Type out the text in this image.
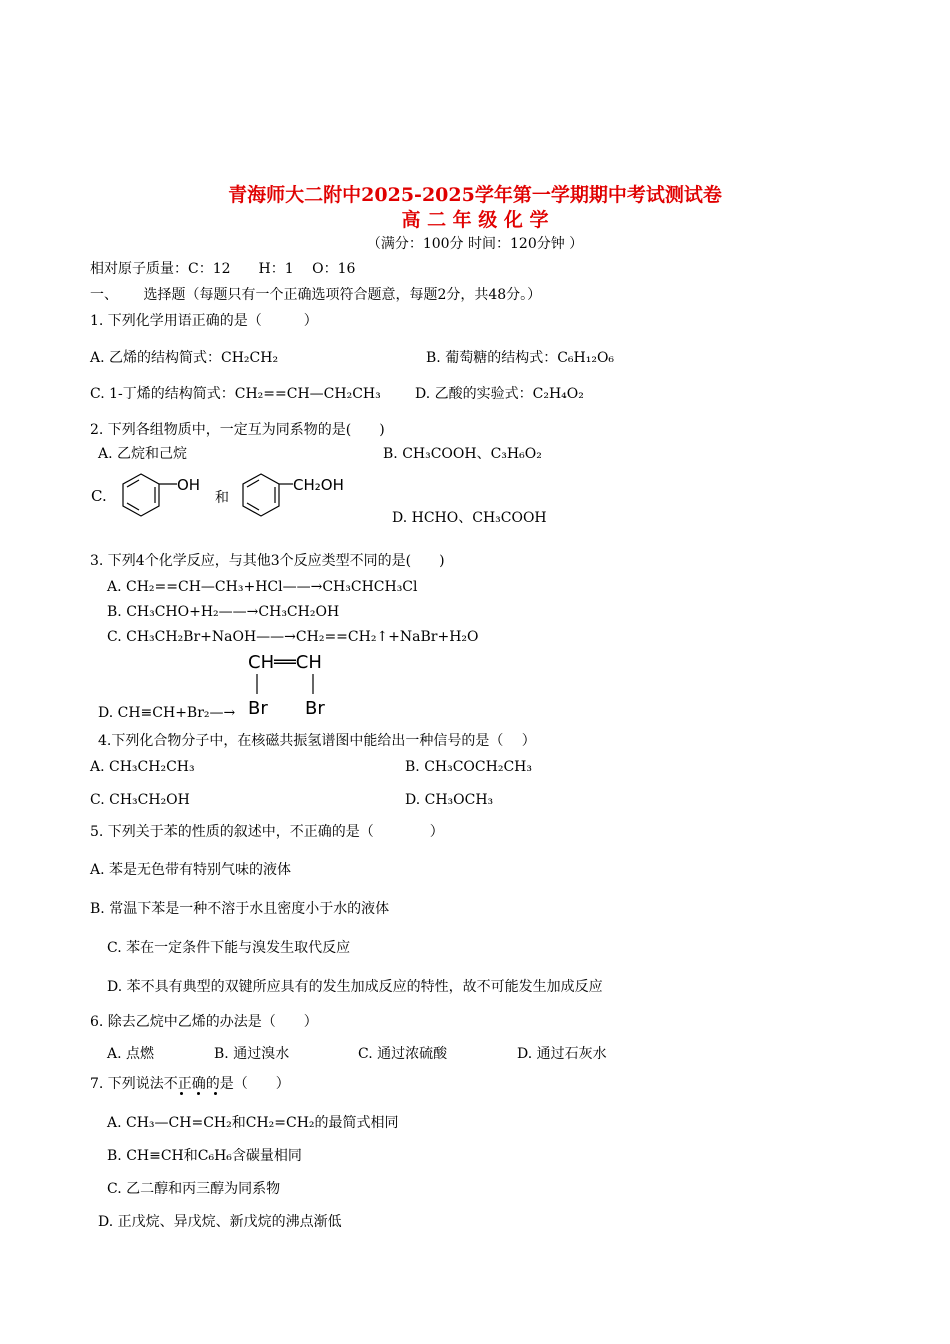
青海师大二附中2025-2025学年第一学期期中考试测试卷
高 二 年 级 化 学
（满分：100分 时间：120分钟 ）
相对原子质量：C：12　　H：1　 O：16
一、　　 选择题（每题只有一个正确选项符合题意，每题2分，共48分。）
1. 下列化学用语正确的是（　　　）
A. 乙烯的结构简式：CH₂CH₂	B. 葡萄糖的结构式：C₆H₁₂O₆
C. 1-丁烯的结构简式：CH₂==CH—CH₂CH₃ D. 乙酸的实验式：C₂H₄O₂
2. 下列各组物质中，一定互为同系物的是(　　)
A. 乙烷和己烷	B. CH₃COOH、C₃H₆O₂
C.
OH
和
CH₂OH
D. HCHO、CH₃COOH
3. 下列4个化学反应，与其他3个反应类型不同的是(　　)
A. CH₂==CH—CH₃+HCl——→CH₃CHCH₃Cl
B. CH₃CHO+H₂——→CH₃CH₂OH
C. CH₃CH₂Br+NaOH——→CH₂==CH₂↑+NaBr+H₂O
D. CH≡CH+Br₂—→
CH══CH
Br Br
4.下列化合物分子中，在核磁共振氢谱图中能给出一种信号的是（　 ）
A. CH₃CH₂CH₃	B. CH₃COCH₂CH₃
C. CH₃CH₂OH	D. CH₃OCH₃
5. 下列关于苯的性质的叙述中，不正确的是（　　　　）
A. 苯是无色带有特别气味的液体
B. 常温下苯是一种不溶于水且密度小于水的液体
C. 苯在一定条件下能与溴发生取代反应
D. 苯不具有典型的双键所应具有的发生加成反应的特性，故不可能发生加成反应
6. 除去乙烷中乙烯的办法是（　　）
A. 点燃	B. 通过溴水	C. 通过浓硫酸	D. 通过石灰水
7. 下列说法不正确的是（　　）
A. CH₃—CH=CH₂和CH₂=CH₂的最简式相同
B. CH≡CH和C₆H₆含碳量相同
C. 乙二醇和丙三醇为同系物
D. 正戊烷、异戊烷、新戊烷的沸点渐低
